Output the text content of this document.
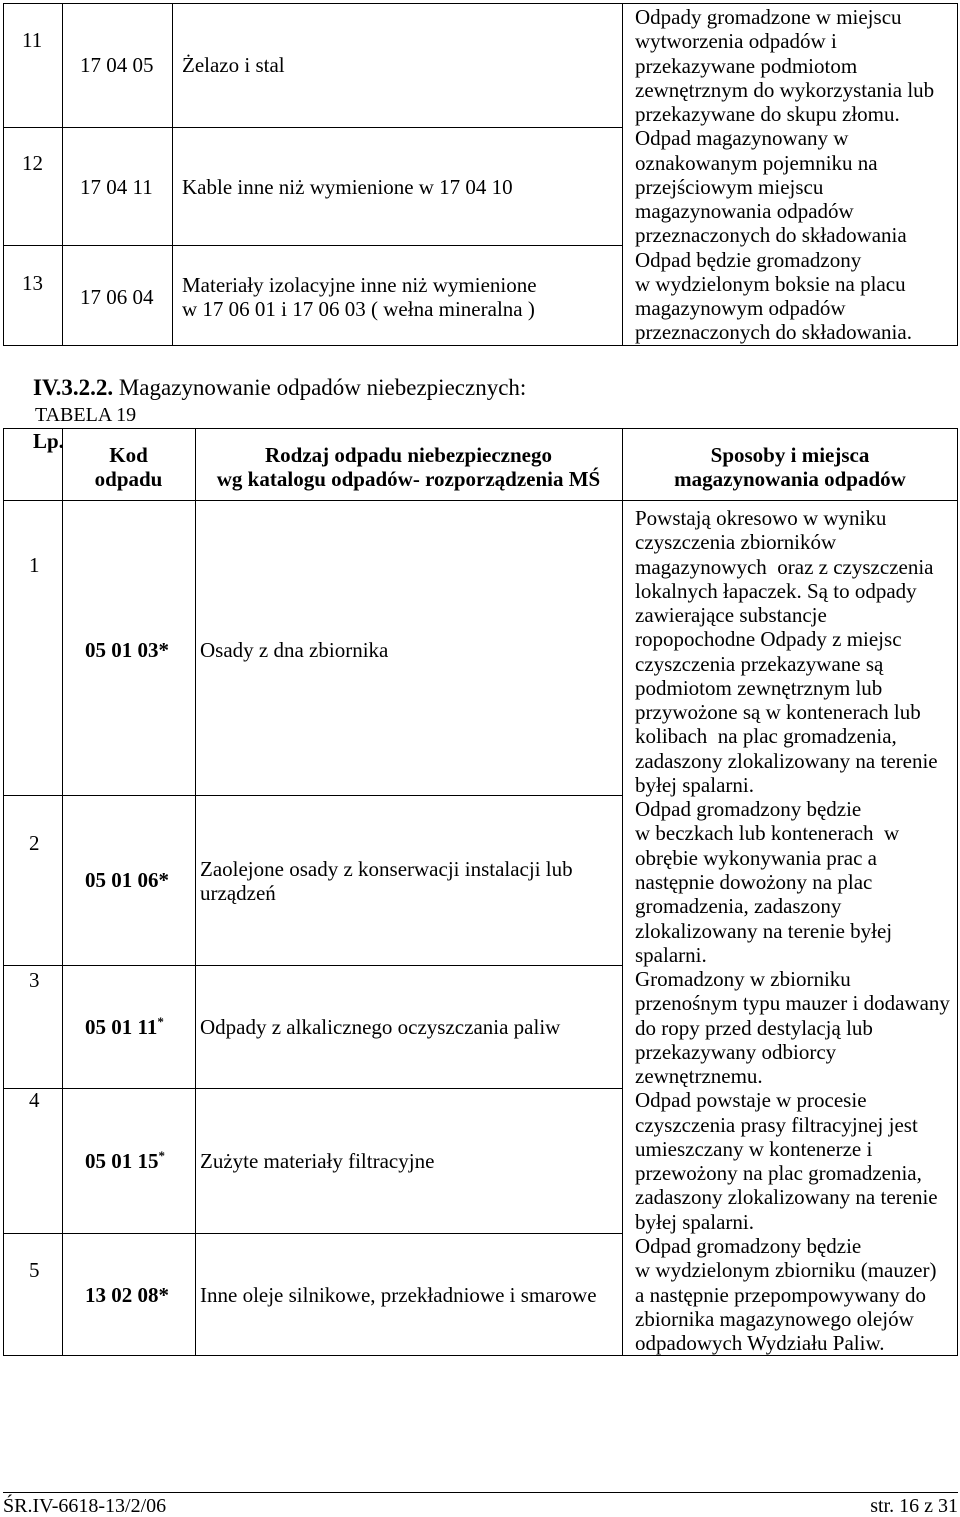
11
17 04 05 Żelazo i stal
12
17 04 11 Kable inne niż wymienione w 17 04 10
13
17 06 04 Materiały izolacyjne inne niż wymienione
w 17 06 01 i 17 06 03 ( wełna mineralna )
Odpady gromadzone w miejscu
wytworzenia odpadów i
przekazywane podmiotom
zewnętrznym do wykorzystania lub
przekazywane do skupu złomu.
Odpad magazynowany w
oznakowanym pojemniku na
przejściowym miejscu
magazynowania odpadów
przeznaczonych do składowania
Odpad będzie gromadzony
w wydzielonym boksie na placu
magazynowym odpadów
przeznaczonych do składowania.
IV.3.2.2. Magazynowanie odpadów niebezpiecznych:
TABELA 19
Lp.
Kod
odpadu
Rodzaj odpadu niebezpiecznego
wg katalogu odpadów- rozporządzenia MŚ
Sposoby i miejsca
magazynowania odpadów
1
05 01 03* Osady z dna zbiornika
2
05 01 06* Zaolejone osady z konserwacji instalacji lub
urządzeń
3
05 01 11* Odpady z alkalicznego oczyszczania paliw
4
05 01 15* Zużyte materiały filtracyjne
5
13 02 08* Inne oleje silnikowe, przekładniowe i smarowe
Powstają okresowo w wyniku
czyszczenia zbiorników
magazynowych  oraz z czyszczenia
lokalnych łapaczek. Są to odpady
zawierające substancje
ropopochodne Odpady z miejsc
czyszczenia przekazywane są
podmiotom zewnętrznym lub
przywożone są w kontenerach lub
kolibach  na plac gromadzenia,
zadaszony zlokalizowany na terenie
byłej spalarni.
Odpad gromadzony będzie
w beczkach lub kontenerach  w
obrębie wykonywania prac a
następnie dowożony na plac
gromadzenia, zadaszony
zlokalizowany na terenie byłej
spalarni.
Gromadzony w zbiorniku
przenośnym typu mauzer i dodawany
do ropy przed destylacją lub
przekazywany odbiorcy
zewnętrznemu.
Odpad powstaje w procesie
czyszczenia prasy filtracyjnej jest
umieszczany w kontenerze i
przewożony na plac gromadzenia,
zadaszony zlokalizowany na terenie
byłej spalarni.
Odpad gromadzony będzie
w wydzielonym zbiorniku (mauzer)
a następnie przepompowywany do
zbiornika magazynowego olejów
odpadowych Wydziału Paliw.
ŚR.IV-6618-13/2/06	str. 16 z 31
